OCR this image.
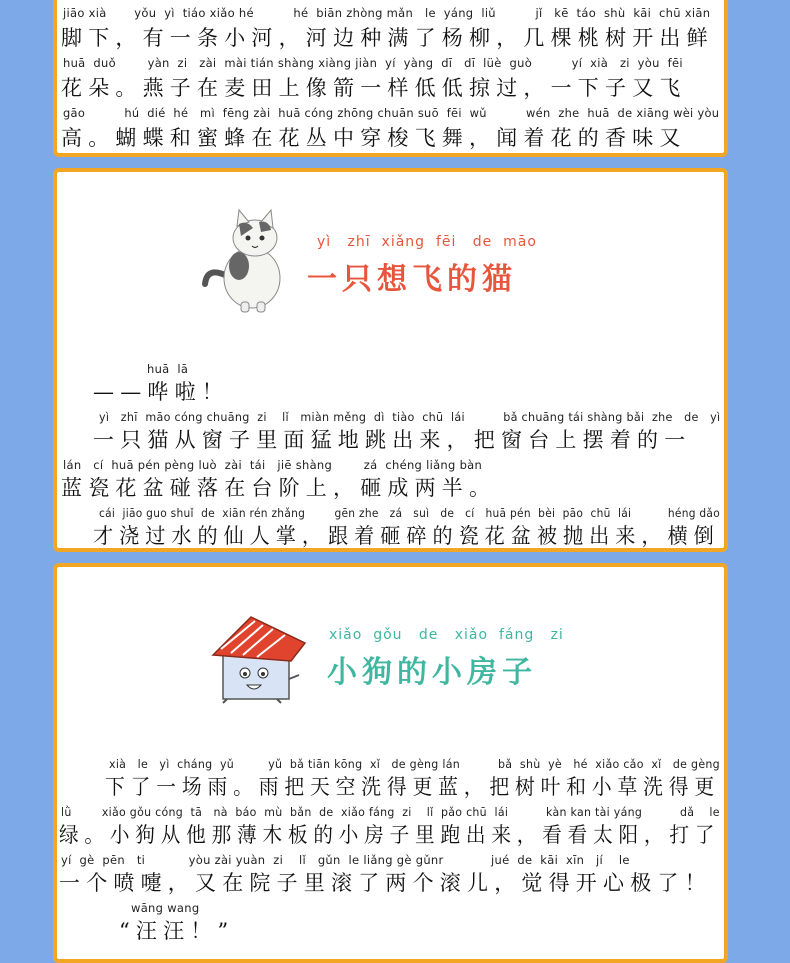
jiāo xià       yǒu  yì  tiáo xiǎo hé          hé  biān zhòng mǎn   le  yáng  liǔ          jǐ   kē  táo  shù  kāi  chū xiān
脚下，有一条小河，河边种满了杨柳，几棵桃树开出鲜
huā  duǒ        yàn  zi   zài  mài tián shàng xiàng jiàn  yí  yàng  dī   dī  lüè  guò          yí  xià   zi  yòu  fēi
花朵。燕子在麦田上像箭一样低低掠过，一下子又飞
gāo          hú  dié  hé   mì  fēng zài  huā cóng zhōng chuān suō  fēi  wǔ          wén  zhe  huā  de xiāng wèi yòu
高。蝴蝶和蜜蜂在花丛中穿梭飞舞，闻着花的香味又
yì   zhī  xiǎng  fēi   de  māo
一只想飞的猫
huā  lā
——哗啦！
yì   zhī  māo cóng chuāng  zi    lǐ   miàn měng  dì  tiào  chū  lái          bǎ chuāng tái shàng bǎi  zhe   de   yì
一只猫从窗子里面猛地跳出来，把窗台上摆着的一
lán   cí  huā pén pèng luò  zài  tái   jiē shàng        zá  chéng liǎng bàn
蓝瓷花盆碰落在台阶上，砸成两半。
cái  jiāo guo shuǐ  de  xiān rén zhǎng        gēn zhe   zá   suì   de   cí   huā pén  bèi  pāo  chū  lái          héng dǎo
才浇过水的仙人掌，跟着砸碎的瓷花盆被抛出来，横倒
xiǎo  gǒu   de   xiǎo  fáng   zi
小狗的小房子
xià   le   yì  cháng  yǔ         yǔ  bǎ tiān kōng  xǐ   de gèng lán          bǎ  shù  yè   hé  xiǎo cǎo  xǐ   de gèng
下了一场雨。雨把天空洗得更蓝，把树叶和小草洗得更
lǜ        xiǎo gǒu cóng  tā   nà  báo  mù  bǎn  de  xiǎo fáng  zi    lǐ  pǎo chū  lái          kàn kan tài yáng          dǎ    le
绿。小狗从他那薄木板的小房子里跑出来，看看太阳，打了
yí  gè  pēn   ti           yòu zài yuàn  zi    lǐ   gǔn  le liǎng gè gǔnr            jué  de  kāi  xīn   jí    le
一个喷嚏，又在院子里滚了两个滚儿，觉得开心极了！
wāng wang
“汪汪！”
